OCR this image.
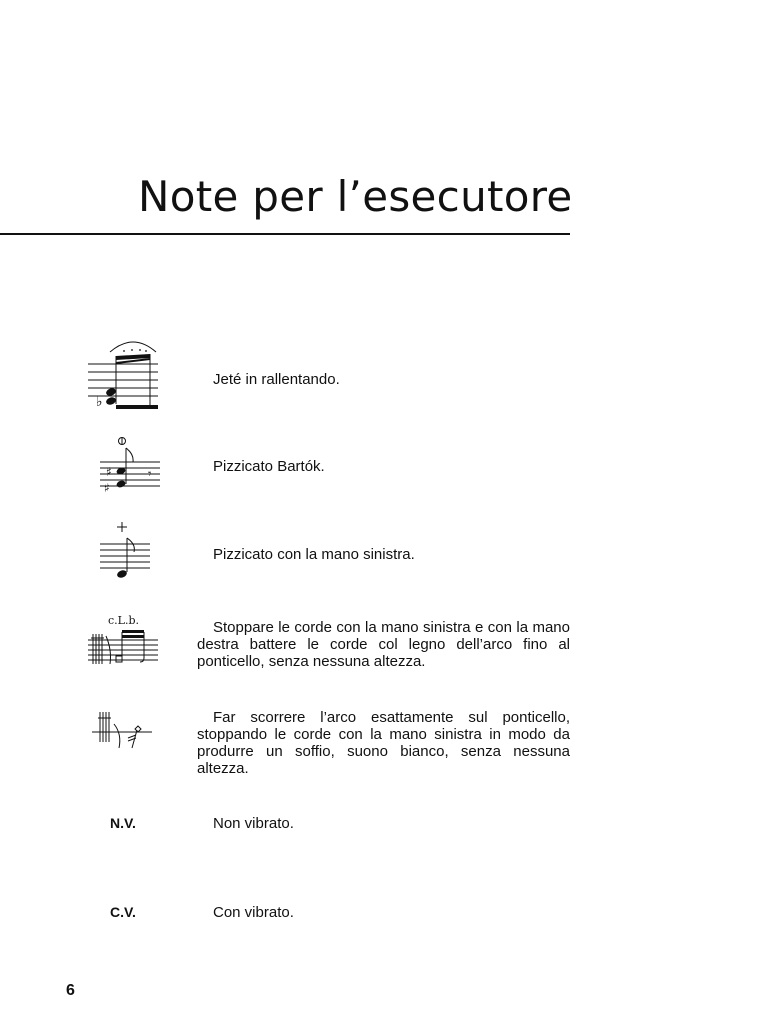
Note per l’esecutore
♭

Jeté in rallentando.

♯
♯
𝄾	Pizzicato Bartók.

Pizzicato con la mano sinistra.

c.L.b.	Stoppare le corde con la mano sinistra e con la mano destra battere le corde col legno dell’arco fino al ponticello, senza nessuna altezza.

Far scorrere l’arco esattamente sul ponticello, stoppando le corde con la mano sinistra in modo da produrre un soffio, suono bianco, senza nessuna altezza.

N.V.	Non vibrato.

C.V.	Con vibrato.

6
